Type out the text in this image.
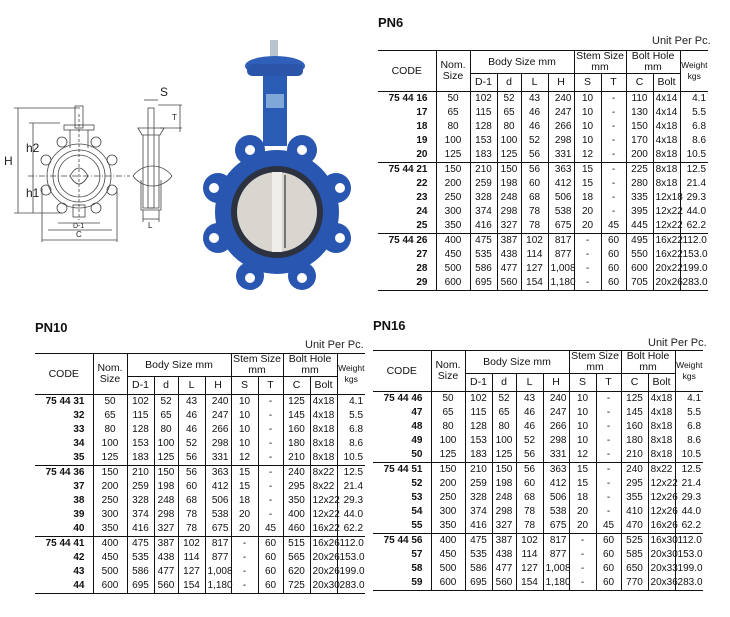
H
h2
h1
D-1
C
L
S
T
PN6
Unit Per Pc.
CODE	Nom.
Size	Body Size mm				Stem Size
mm		Bolt Hole
mm		Weight
kgs
		D-1	d	L	H	S	T	C	Bolt	
75 44 16	50	102	52	43	240	10	-	110	4x14	4.1
17	65	115	65	46	247	10	-	130	4x14	5.5
18	80	128	80	46	266	10	-	150	4x18	6.8
19	100	153	100	52	298	10	-	170	4x18	8.6
20	125	183	125	56	331	12	-	200	8x18	10.5
75 44 21	150	210	150	56	363	15	-	225	8x18	12.5
22	200	259	198	60	412	15	-	280	8x18	21.4
23	250	328	248	68	506	18	-	335	12x18	29.3
24	300	374	298	78	538	20	-	395	12x22	44.0
25	350	416	327	78	675	20	45	445	12x22	62.2
75 44 26	400	475	387	102	817	-	60	495	16x22	112.0
27	450	535	438	114	877	-	60	550	16x22	153.0
28	500	586	477	127	1,008	-	60	600	20x22	199.0
29	600	695	560	154	1,180	-	60	705	20x26	283.0
PN10
Unit Per Pc.
CODE	Nom.
Size	Body Size mm				Stem Size
mm		Bolt Hole
mm		Weight
kgs
		D-1	d	L	H	S	T	C	Bolt	
75 44 31	50	102	52	43	240	10	-	125	4x18	4.1
32	65	115	65	46	247	10	-	145	4x18	5.5
33	80	128	80	46	266	10	-	160	8x18	6.8
34	100	153	100	52	298	10	-	180	8x18	8.6
35	125	183	125	56	331	12	-	210	8x18	10.5
75 44 36	150	210	150	56	363	15	-	240	8x22	12.5
37	200	259	198	60	412	15	-	295	8x22	21.4
38	250	328	248	68	506	18	-	350	12x22	29.3
39	300	374	298	78	538	20	-	400	12x22	44.0
40	350	416	327	78	675	20	45	460	16x22	62.2
75 44 41	400	475	387	102	817	-	60	515	16x26	112.0
42	450	535	438	114	877	-	60	565	20x26	153.0
43	500	586	477	127	1,008	-	60	620	20x26	199.0
44	600	695	560	154	1,180	-	60	725	20x30	283.0
PN16
Unit Per Pc.
CODE	Nom.
Size	Body Size mm				Stem Size
mm		Bolt Hole
mm		Weight
kgs
		D-1	d	L	H	S	T	C	Bolt	
75 44 46	50	102	52	43	240	10	-	125	4x18	4.1
47	65	115	65	46	247	10	-	145	4x18	5.5
48	80	128	80	46	266	10	-	160	8x18	6.8
49	100	153	100	52	298	10	-	180	8x18	8.6
50	125	183	125	56	331	12	-	210	8x18	10.5
75 44 51	150	210	150	56	363	15	-	240	8x22	12.5
52	200	259	198	60	412	15	-	295	12x22	21.4
53	250	328	248	68	506	18	-	355	12x26	29.3
54	300	374	298	78	538	20	-	410	12x26	44.0
55	350	416	327	78	675	20	45	470	16x26	62.2
75 44 56	400	475	387	102	817	-	60	525	16x30	112.0
57	450	535	438	114	877	-	60	585	20x30	153.0
58	500	586	477	127	1,008	-	60	650	20x33	199.0
59	600	695	560	154	1,180	-	60	770	20x36	283.0
